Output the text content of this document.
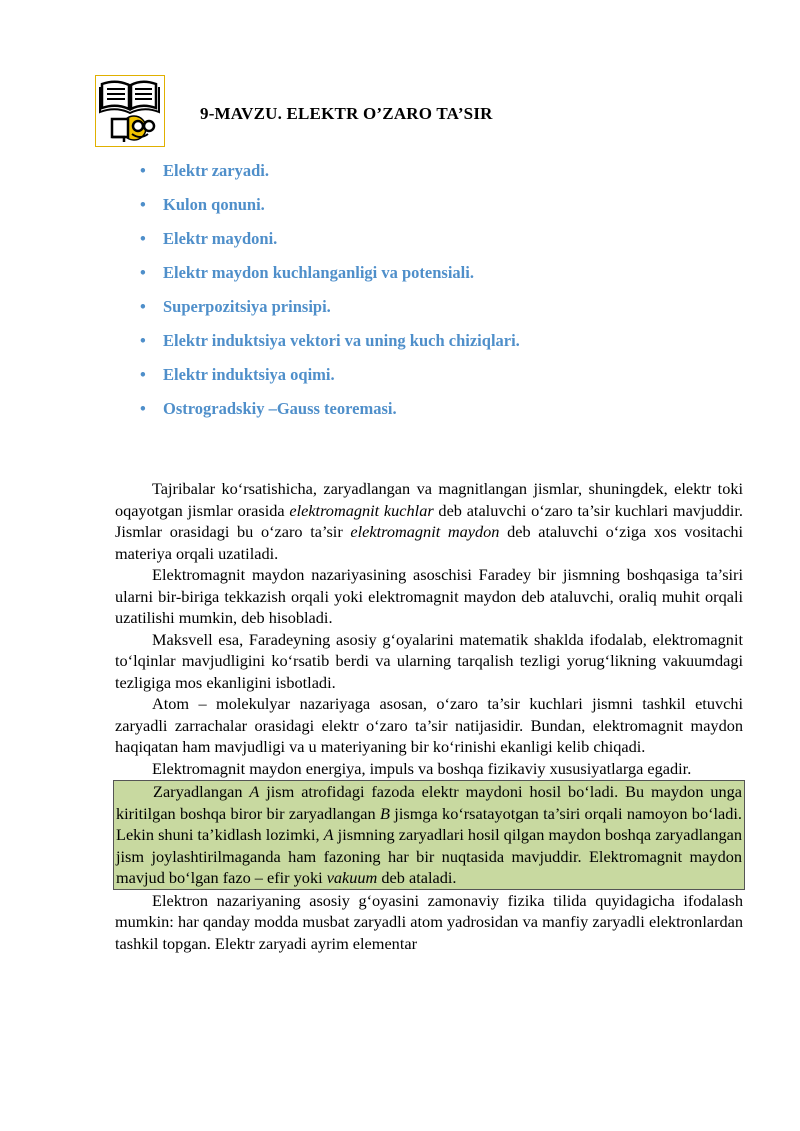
9-MAVZU. ELEKTR O’ZARO TA’SIR
• Elektr zaryadi.
• Kulon qonuni.
• Elektr maydoni.
• Elektr maydon kuchlanganligi va potensiali.
• Superpozitsiya prinsipi.
• Elektr induktsiya vektori va uning kuch chiziqlari.
• Elektr induktsiya oqimi.
• Ostrogradskiy –Gauss teoremasi.

Tajribalar ko‘rsatishicha, zaryadlangan va magnitlangan jismlar, shuningdek, elektr toki oqayotgan jismlar orasida elektromagnit kuchlar deb ataluvchi o‘zaro ta’sir kuchlari mavjuddir. Jismlar orasidagi bu o‘zaro ta’sir elektromagnit maydon deb ataluvchi o‘ziga xos vositachi materiya orqali uzatiladi.

Elektromagnit maydon nazariyasining asoschisi Faradey bir jismning boshqasiga ta’siri ularni bir-biriga tekkazish orqali yoki elektromagnit maydon deb ataluvchi, oraliq muhit orqali uzatilishi mumkin, deb hisobladi.

Maksvell esa, Faradeyning asosiy g‘oyalarini matematik shaklda ifodalab, elektromagnit to‘lqinlar mavjudligini ko‘rsatib berdi va ularning tarqalish tezligi yorug‘likning vakuumdagi tezligiga mos ekanligini isbotladi.

Atom – molekulyar nazariyaga asosan, o‘zaro ta’sir kuchlari jismni tashkil etuvchi zaryadli zarrachalar orasidagi elektr o‘zaro ta’sir natijasidir. Bundan, elektromagnit maydon haqiqatan ham mavjudligi va u materiyaning bir ko‘rinishi ekanligi kelib chiqadi.

Elektromagnit maydon energiya, impuls va boshqa fizikaviy xususiyatlarga egadir.

Zaryadlangan A jism atrofidagi fazoda elektr maydoni hosil bo‘ladi. Bu maydon unga kiritilgan boshqa biror bir zaryadlangan B jismga ko‘rsatayotgan ta’siri orqali namoyon bo‘ladi. Lekin shuni ta’kidlash lozimki, A jismning zaryadlari hosil qilgan maydon boshqa zaryadlangan jism joylashtirilmaganda ham fazoning har bir nuqtasida mavjuddir. Elektromagnit maydon mavjud bo‘lgan fazo – efir yoki vakuum deb ataladi.

Elektron nazariyaning asosiy g‘oyasini zamonaviy fizika tilida quyidagicha ifodalash mumkin: har qanday modda musbat zaryadli atom yadrosidan va manfiy zaryadli elektronlardan tashkil topgan. Elektr zaryadi ayrim elementar
